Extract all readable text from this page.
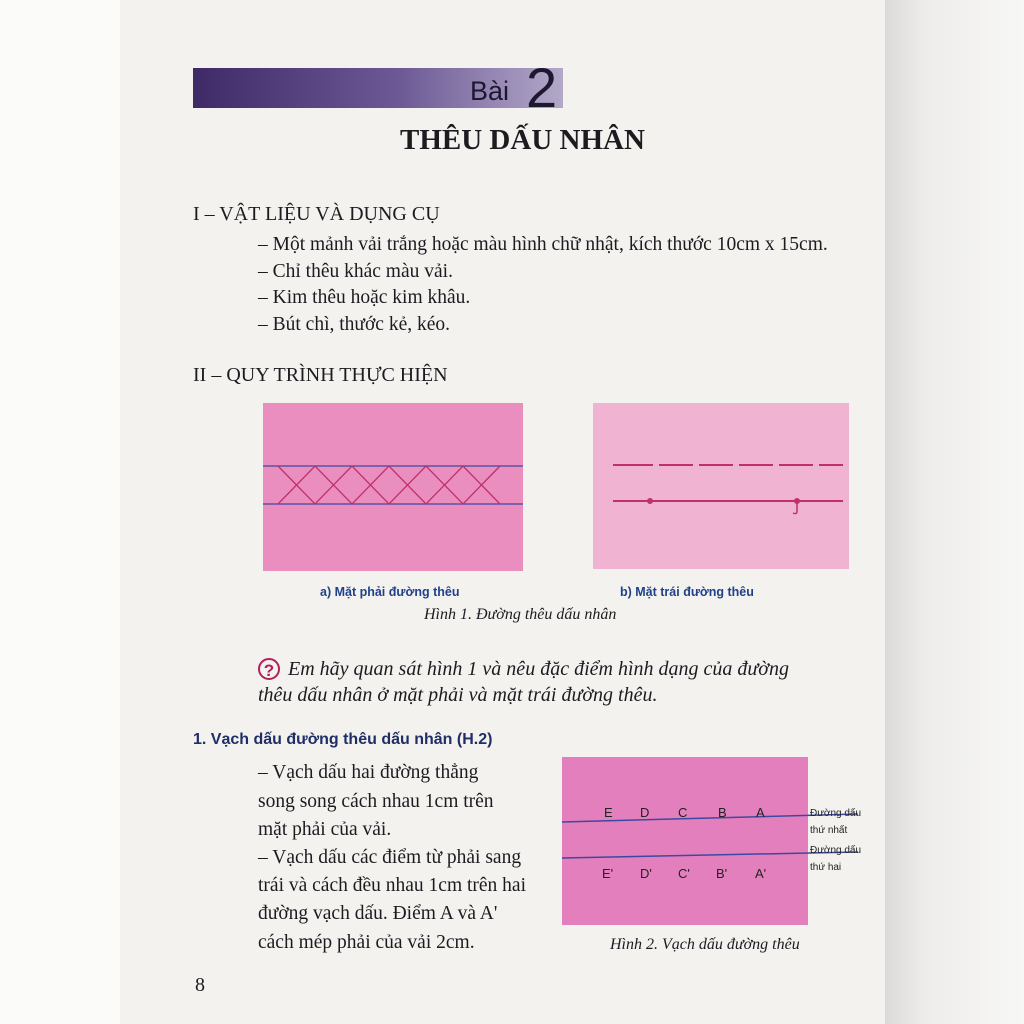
Bài 2
THÊU DẤU NHÂN
I – VẬT LIỆU VÀ DỤNG CỤ
– Một mảnh vải trắng hoặc màu hình chữ nhật, kích thước 10cm x 15cm.
– Chỉ thêu khác màu vải.
– Kim thêu hoặc kim khâu.
– Bút chì, thước kẻ, kéo.
II – QUY TRÌNH THỰC HIỆN
a) Mặt phải đường thêu	b) Mặt trái đường thêu
Hình 1. Đường thêu dấu nhân
? Em hãy quan sát hình 1 và nêu đặc điểm hình dạng của đường
thêu dấu nhân ở mặt phải và mặt trái đường thêu.
1. Vạch dấu đường thêu dấu nhân (H.2)
– Vạch dấu hai đường thẳng
song song cách nhau 1cm trên
mặt phải của vải.
– Vạch dấu các điểm từ phải sang
trái và cách đều nhau 1cm trên hai
đường vạch dấu. Điểm A và A'
cách mép phải của vải 2cm.
E D C B A
E' D' C' B' A'
Đường dấu
thứ nhất
Đường dấu
thứ hai
Hình 2. Vạch dấu đường thêu
8
